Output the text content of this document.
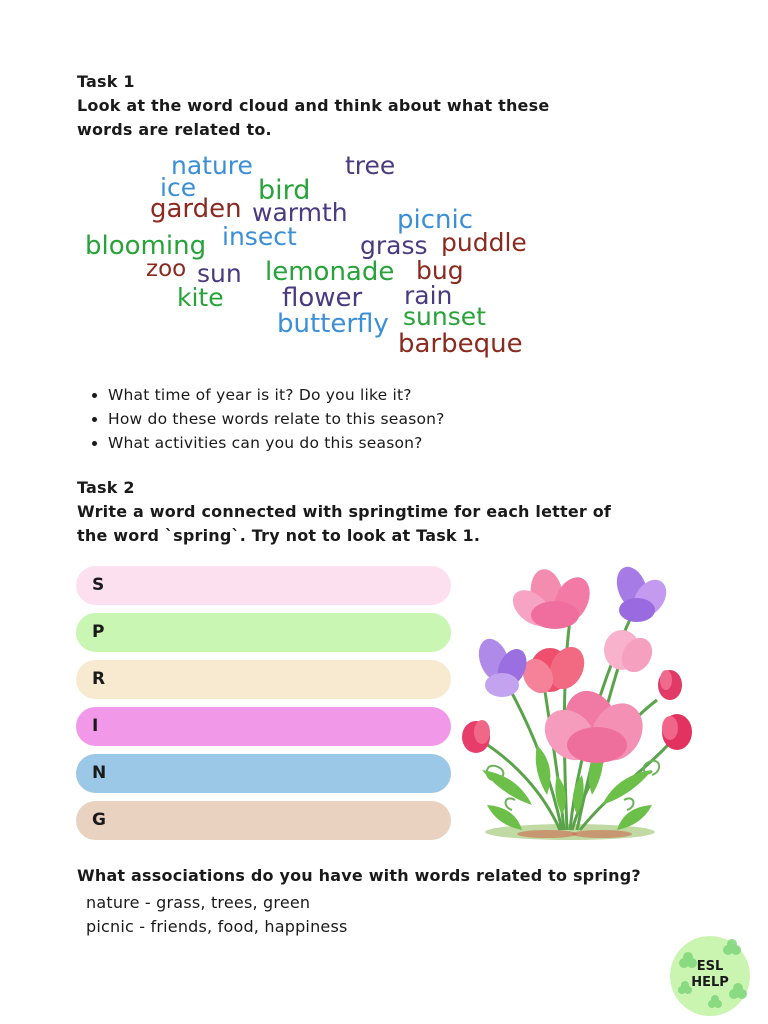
Task 1
Look at the word cloud and think about what these
words are related to.
nature	tree
ice bird
garden warmth picnic
blooming insect	grass puddle
zoo sun lemonade bug
kite flower rain
sunset
butterfly
barbeque
• What time of year is it? Do you like it?
• How do these words relate to this season?
• What activities can you do this season?
Task 2
Write a word connected with springtime for each letter of
the word `spring`. Try not to look at Task 1.
S
P
R
I
N
G
What associations do you have with words related to spring?
nature - grass, trees, green
picnic - friends, food, happiness
ESL
HELP
